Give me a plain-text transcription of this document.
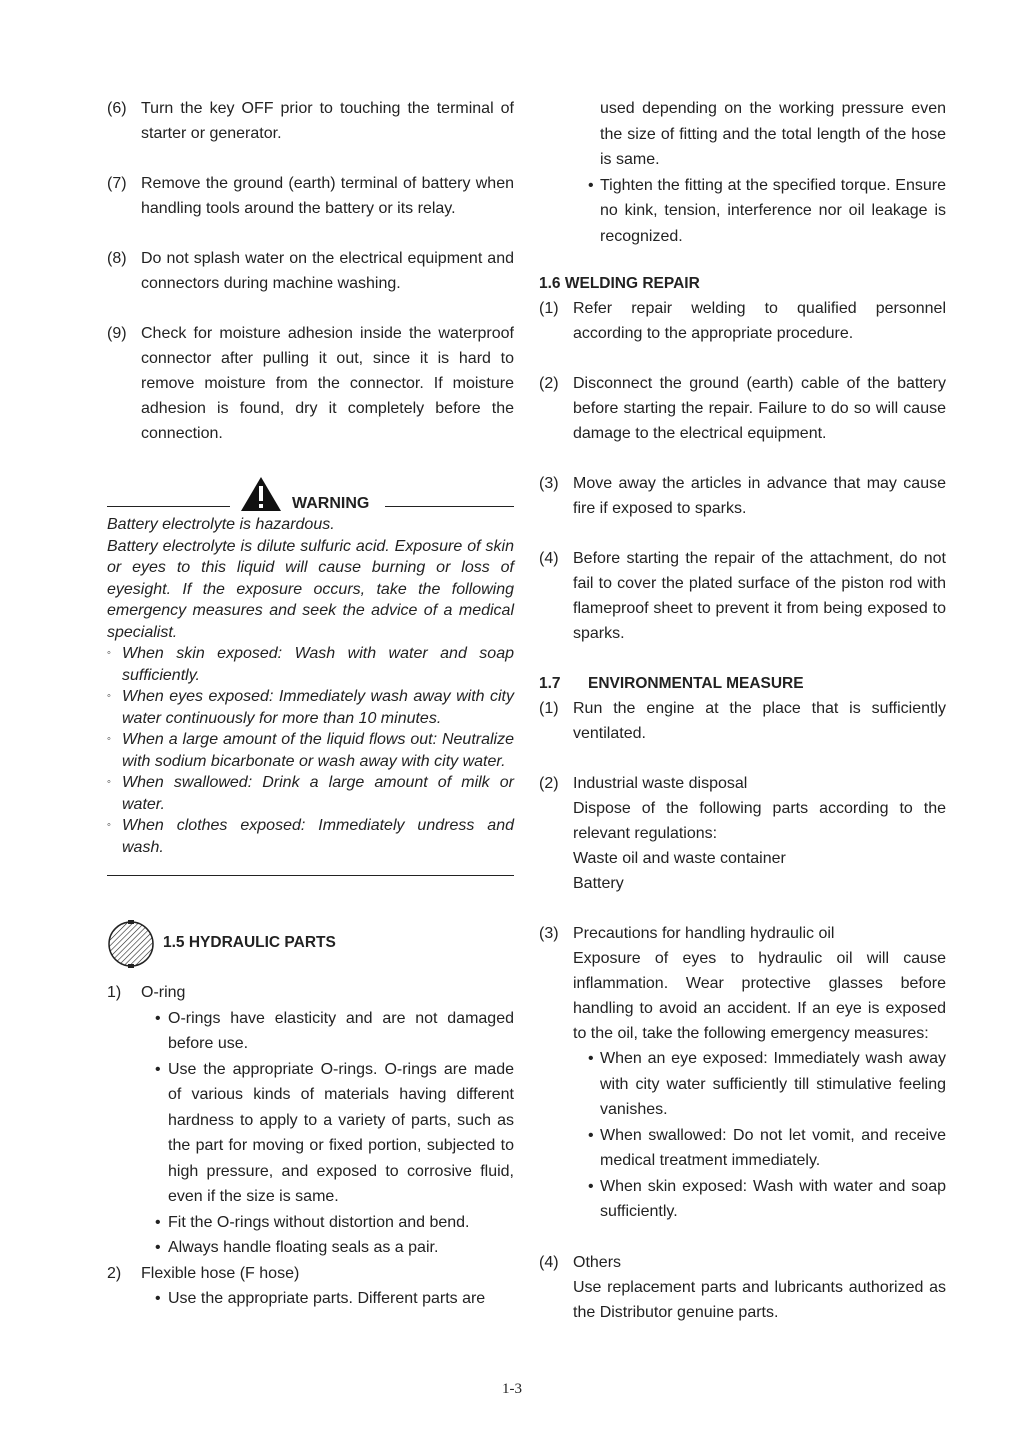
(6) Turn the key OFF prior to touching the terminal of starter or generator.
(7) Remove the ground (earth) terminal of battery when handling tools around the battery or its relay.
(8) Do not splash water on the electrical equipment and connectors during machine washing.
(9) Check for moisture adhesion inside the waterproof connector after pulling it out, since it is hard to remove moisture from the connector. If moisture adhesion is found, dry it completely before the connection.
WARNING
Battery electrolyte is hazardous.
Battery electrolyte is dilute sulfuric acid. Exposure of skin or eyes to this liquid will cause burning or loss of eyesight. If the exposure occurs, take the following emergency measures and seek the advice of a medical specialist.
◦ When skin exposed: Wash with water and soap sufficiently.
◦ When eyes exposed: Immediately wash away with city water continuously for more than 10 minutes.
◦ When a large amount of the liquid flows out: Neutralize with sodium bicarbonate or wash away with city water.
◦ When swallowed: Drink a large amount of milk or water.
◦ When clothes exposed: Immediately undress and wash.
1.5 HYDRAULIC PARTS
1) O-ring
• O-rings have elasticity and are not damaged before use.
• Use the appropriate O-rings. O-rings are made of various kinds of materials having different hardness to apply to a variety of parts, such as the part for moving or fixed portion, subjected to high pressure, and exposed to corrosive fluid, even if the size is same.
• Fit the O-rings without distortion and bend.
• Always handle floating seals as a pair.
2) Flexible hose (F hose)
• Use the appropriate parts. Different parts are
used depending on the working pressure even the size of fitting and the total length of the hose is same.
• Tighten the fitting at the specified torque. Ensure no kink, tension, interference nor oil leakage is recognized.
1.6 WELDING REPAIR
(1) Refer repair welding to qualified personnel according to the appropriate procedure.
(2) Disconnect the ground (earth) cable of the battery before starting the repair. Failure to do so will cause damage to the electrical equipment.
(3) Move away the articles in advance that may cause fire if exposed to sparks.
(4) Before starting the repair of the attachment, do not fail to cover the plated surface of the piston rod with flameproof sheet to prevent it from being exposed to sparks.
1.7 ENVIRONMENTAL MEASURE
(1) Run the engine at the place that is sufficiently ventilated.
(2) Industrial waste disposal
Dispose of the following parts according to the relevant regulations:
Waste oil and waste container
Battery
(3) Precautions for handling hydraulic oil
Exposure of eyes to hydraulic oil will cause inflammation. Wear protective glasses before handling to avoid an accident. If an eye is exposed to the oil, take the following emergency measures:
• When an eye exposed: Immediately wash away with city water sufficiently till stimulative feeling vanishes.
• When swallowed: Do not let vomit, and receive medical treatment immediately.
• When skin exposed: Wash with water and soap sufficiently.
(4) Others
Use replacement parts and lubricants authorized as the Distributor genuine parts.
1-3
